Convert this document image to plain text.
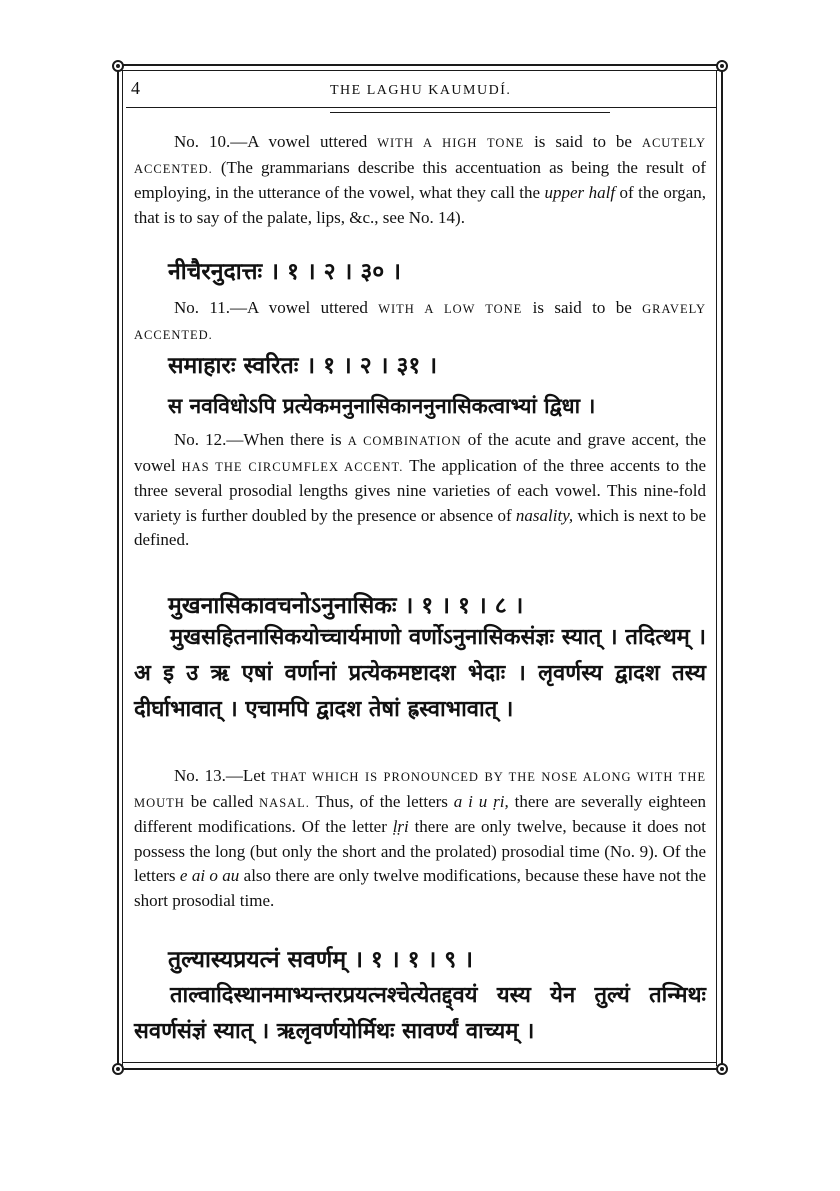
4	THE LAGHU KAUMUDÍ.

No. 10.—A vowel uttered WITH A HIGH TONE is said to be ACUTELY ACCENTED. (The grammarians describe this accentuation as being the result of employing, in the utterance of the vowel, what they call the upper half of the organ, that is to say of the palate, lips, &c., see No. 14).

नीचैरनुदात्तः । १ । २ । ३० ।

No. 11.—A vowel uttered WITH A LOW TONE is said to be GRAVELY ACCENTED.

समाहारः स्वरितः । १ । २ । ३१ ।
स नवविधोऽपि प्रत्येकमनुनासिकाननुनासिकत्वाभ्यां द्विधा ।

No. 12.—When there is A COMBINATION of the acute and grave accent, the vowel HAS THE CIRCUMFLEX ACCENT. The application of the three accents to the three several prosodial lengths gives nine varieties of each vowel. This nine-fold variety is further doubled by the presence or absence of nasality, which is next to be defined.

मुखनासिकावचनोऽनुनासिकः । १ । १ । ८ ।

मुखसहितनासिकयोच्चार्यमाणो वर्णोऽनुनासिकसंज्ञः स्यात् । तदित्थम् । अ इ उ ऋ एषां वर्णानां प्रत्येकमष्टादश भेदाः । लृवर्णस्य द्वादश तस्य दीर्घाभावात् । एचामपि द्वादश तेषां ह्रस्वाभावात् ।

No. 13.—Let THAT WHICH IS PRONOUNCED BY THE NOSE ALONG WITH THE MOUTH be called NASAL. Thus, of the letters a i u ṛi, there are severally eighteen different modifications. Of the letter ḷṛi there are only twelve, because it does not possess the long (but only the short and the prolated) prosodial time (No. 9). Of the letters e ai o au also there are only twelve modifications, because these have not the short prosodial time.

तुल्यास्यप्रयत्नं सवर्णम् । १ । १ । ९ ।

ताल्वादिस्थानमाभ्यन्तरप्रयत्नश्चेत्येतद्द्वयं यस्य येन तुल्यं तन्मिथः सवर्णसंज्ञं स्यात् । ऋलृवर्णयोर्मिथः सावर्ण्यं वाच्यम् ।
